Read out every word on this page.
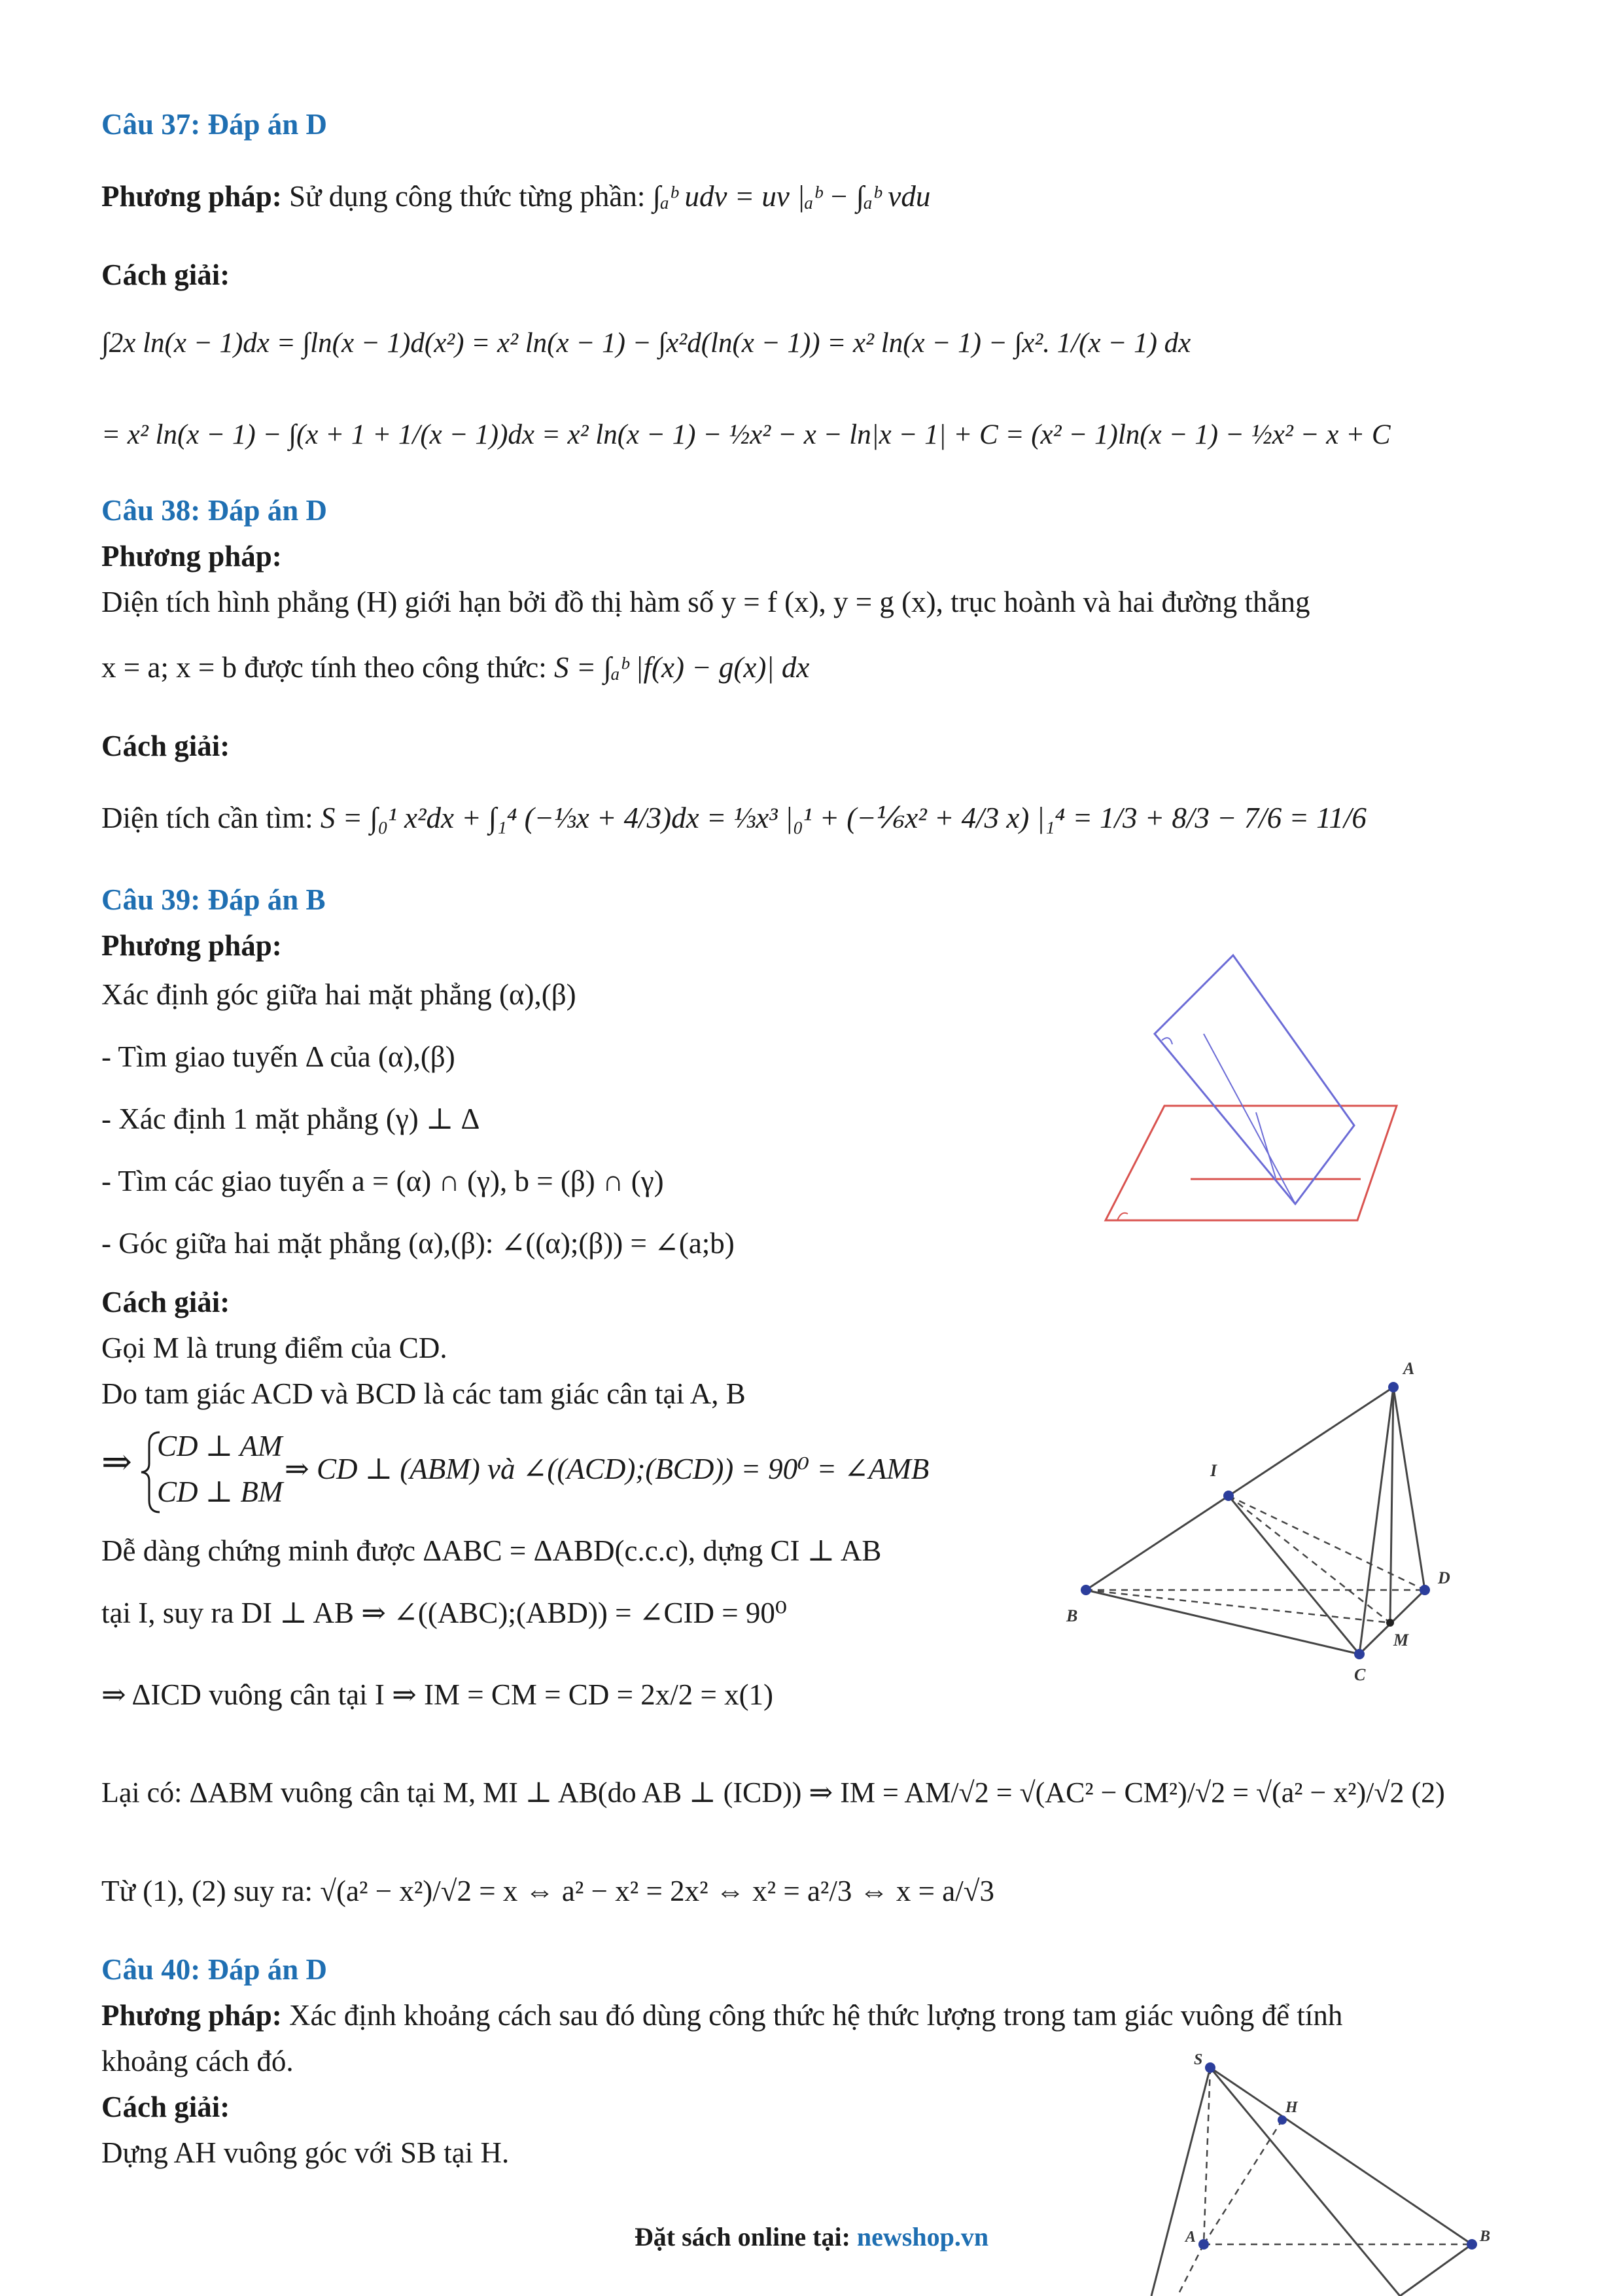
Câu 37: Đáp án D
Phương pháp: Sử dụng công thức từng phần: ∫ₐᵇ udv = uv |ₐᵇ − ∫ₐᵇ vdu
Cách giải:
∫2x ln(x − 1)dx = ∫ln(x − 1)d(x²) = x² ln(x − 1) − ∫x²d(ln(x − 1)) = x² ln(x − 1) − ∫x². 1/(x − 1) dx
= x² ln(x − 1) − ∫(x + 1 + 1/(x − 1))dx = x² ln(x − 1) − ½x² − x − ln|x − 1| + C = (x² − 1)ln(x − 1) − ½x² − x + C
Câu 38: Đáp án D
Phương pháp:
Diện tích hình phẳng (H) giới hạn bởi đồ thị hàm số y = f (x), y = g (x), trục hoành và hai đường thẳng
x = a; x = b được tính theo công thức: S = ∫ₐᵇ |f(x) − g(x)| dx
Cách giải:
Diện tích cần tìm: S = ∫₀¹ x²dx + ∫₁⁴ (−⅓x + 4/3)dx = ⅓x³ |₀¹ + (−⅙x² + 4/3 x) |₁⁴ = 1/3 + 8/3 − 7/6 = 11/6
Câu 39: Đáp án B
Phương pháp:
Xác định góc giữa hai mặt phẳng (α),(β)
- Tìm giao tuyến Δ của (α),(β)
- Xác định 1 mặt phẳng (γ) ⊥ Δ
- Tìm các giao tuyến a = (α) ∩ (γ), b = (β) ∩ (γ)
- Góc giữa hai mặt phẳng (α),(β): ∠((α);(β)) = ∠(a;b)
Cách giải:
Gọi M là trung điểm của CD.
Do tam giác ACD và BCD là các tam giác cân tại A, B
⇒ CD ⊥ AM
CD ⊥ BM
⇒ CD ⊥ (ABM) và ∠((ACD);(BCD)) = 90⁰ = ∠AMB
Dễ dàng chứng minh được ΔABC = ΔABD(c.c.c), dựng CI ⊥ AB
tại I, suy ra DI ⊥ AB ⇒ ∠((ABC);(ABD)) = ∠CID = 90⁰
⇒ ΔICD vuông cân tại I ⇒ IM = CM = CD = 2x/2 = x(1)
Lại có: ΔABM vuông cân tại M, MI ⊥ AB(do AB ⊥ (ICD)) ⇒ IM = AM/√2 = √(AC² − CM²)/√2 = √(a² − x²)/√2 (2)
Từ (1), (2) suy ra: √(a² − x²)/√2 = x ⇔ a² − x² = 2x² ⇔ x² = a²/3 ⇔ x = a/√3
A
I
B
D
M
C
Câu 40: Đáp án D
Phương pháp: Xác định khoảng cách sau đó dùng công thức hệ thức lượng trong tam giác vuông để tính
khoảng cách đó.
Cách giải:
Dựng AH vuông góc với SB tại H.
S
H
A	B
Đặt sách online tại: newshop.vn
